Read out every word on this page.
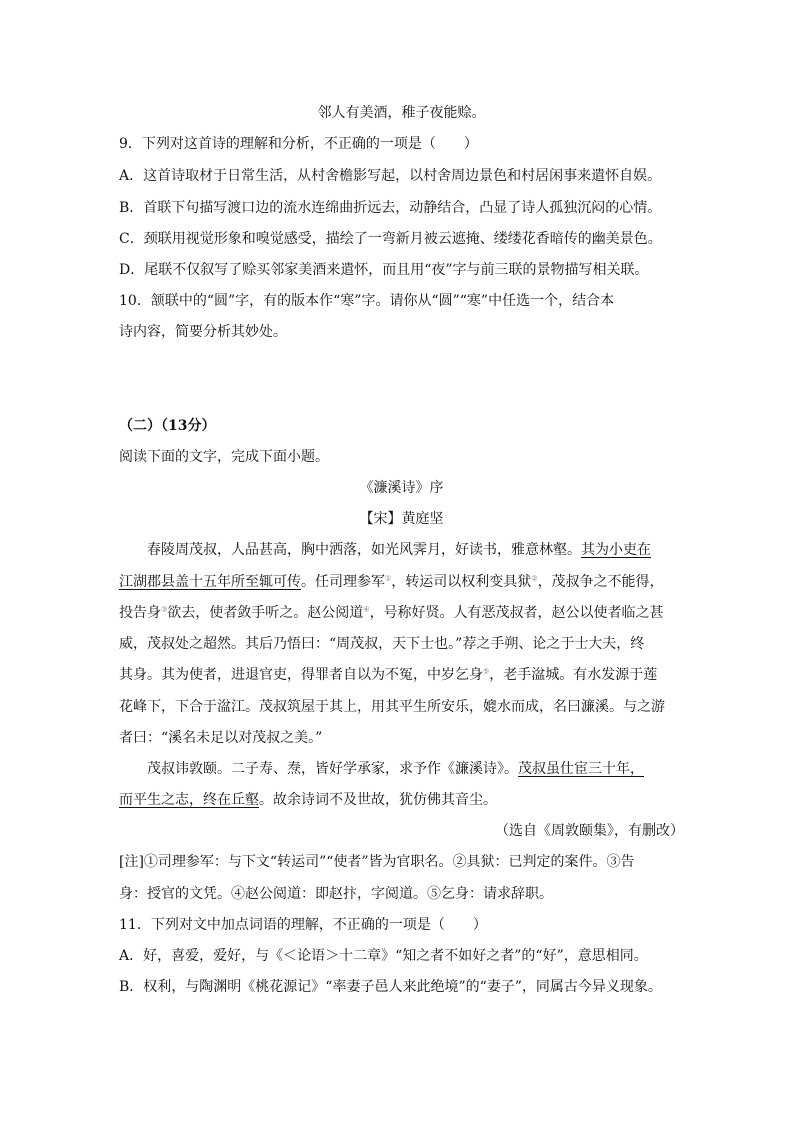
邻人有美酒，稚子夜能赊。
9．下列对这首诗的理解和分析，不正确的一项是（　　）
A．这首诗取材于日常生活，从村舍檐影写起，以村舍周边景色和村居闲事来遣怀自娱。
B．首联下句描写渡口边的流水连绵曲折远去，动静结合，凸显了诗人孤独沉闷的心情。
C．颈联用视觉形象和嗅觉感受，描绘了一弯新月被云遮掩、缕缕花香暗传的幽美景色。
D．尾联不仅叙写了赊买邻家美酒来遣怀，而且用“夜”字与前三联的景物描写相关联。
10．颔联中的“圆”字，有的版本作“寒”字。请你从“圆”“寒”中任选一个，结合本
诗内容，简要分析其妙处。
（二）（13分）
阅读下面的文字，完成下面小题。
《濂溪诗》序
【宋】黄庭坚
春陵周茂叔，人品甚高，胸中洒落，如光风霁月，好读书，雅意林壑。其为小吏在
江湖郡县盖十五年所至辄可传。任司理参军①，转运司以权利变具狱②，茂叔争之不能得，
投告身③欲去，使者敛手听之。赵公阅道④，号称好贤。人有恶茂叔者，赵公以使者临之甚
威，茂叔处之超然。其后乃悟曰：“周茂叔，天下士也。”荐之手朔、论之于士大夫，终
其身。其为使者，进退官吏，得罪者自以为不冤，中岁乞身⑤，老手湓城。有水发源于莲
花峰下，下合于湓江。茂叔筑屋于其上，用其平生所安乐，媲水而成，名曰濂溪。与之游
者曰：“溪名未足以对茂叔之美。”
茂叔讳敦颐。二子寿、焘，皆好学承家，求予作《濂溪诗》。茂叔虽仕宦三十年，
而平生之志，终在丘壑。故余诗词不及世故，犹仿佛其音尘。
（选自《周敦颐集》，有删改）
[注]①司理参军：与下文“转运司”“使者”皆为官职名。②具狱：已判定的案件。③告
身：授官的文凭。④赵公阅道：即赵抃，字阅道。⑤乞身：请求辞职。
11．下列对文中加点词语的理解，不正确的一项是（　　）
A．好，喜爱，爱好，与《＜论语＞十二章》“知之者不如好之者”的“好”，意思相同。
B．权利，与陶渊明《桃花源记》“率妻子邑人来此绝境”的“妻子”，同属古今异义现象。
